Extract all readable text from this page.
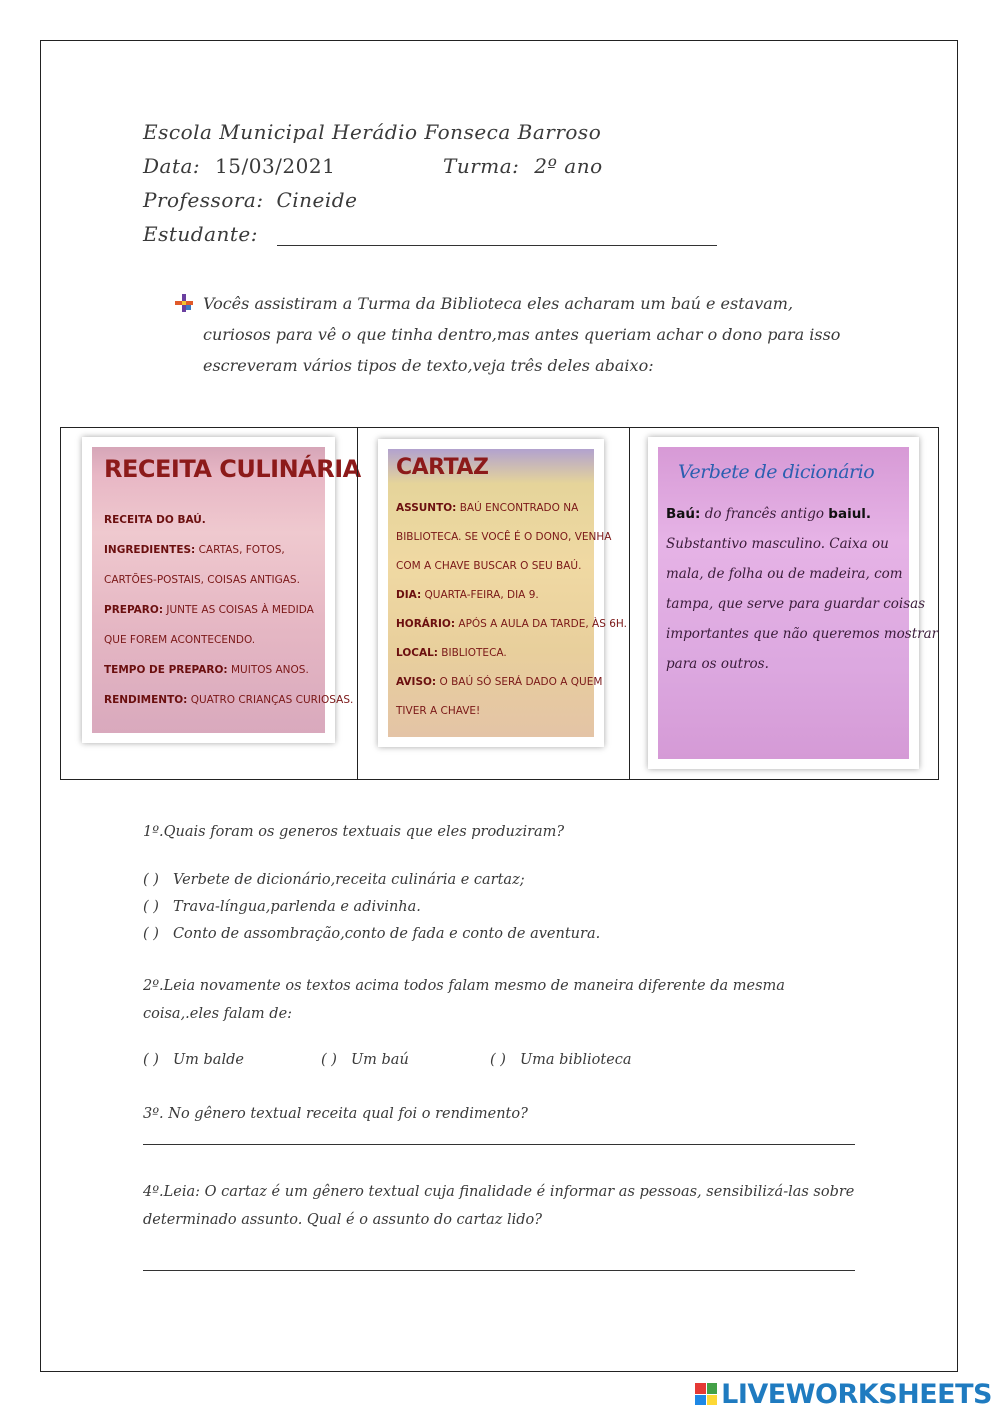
Escola Municipal Herádio Fonseca Barroso
Data: 15/03/2021	Turma: 2º ano
Professora: Cineide
Estudante:
Vocês assistiram a Turma da Biblioteca eles acharam um baú e estavam, curiosos para vê o que tinha dentro,mas antes queriam achar o dono para isso escreveram vários tipos de texto,veja três deles abaixo:
RECEITA CULINÁRIA
RECEITA DO BAÚ.
INGREDIENTES: CARTAS, FOTOS,
CARTÕES-POSTAIS, COISAS ANTIGAS.
PREPARO: JUNTE AS COISAS À MEDIDA
QUE FOREM ACONTECENDO.
TEMPO DE PREPARO: MUITOS ANOS.
RENDIMENTO: QUATRO CRIANÇAS CURIOSAS.
CARTAZ
ASSUNTO: BAÚ ENCONTRADO NA
BIBLIOTECA. SE VOCÊ É O DONO, VENHA
COM A CHAVE BUSCAR O SEU BAÚ.
DIA: QUARTA-FEIRA, DIA 9.
HORÁRIO: APÓS A AULA DA TARDE, ÀS 6H.
LOCAL: BIBLIOTECA.
AVISO: O BAÚ SÓ SERÁ DADO A QUEM
TIVER A CHAVE!
Verbete de dicionário
Baú: do francês antigo baiul.
Substantivo masculino. Caixa ou
mala, de folha ou de madeira, com
tampa, que serve para guardar coisas
importantes que não queremos mostrar
para os outros.
1º.Quais foram os generos textuais que eles produziram?
( ) Verbete de dicionário,receita culinária e cartaz;
( ) Trava-língua,parlenda e adivinha.
( ) Conto de assombração,conto de fada e conto de aventura.
2º.Leia novamente os textos acima todos falam mesmo de maneira diferente da mesma coisa,.eles falam de:
( ) Um balde	( ) Um baú	( ) Uma biblioteca
3º. No gênero textual receita qual foi o rendimento?
4º.Leia: O cartaz é um gênero textual cuja finalidade é informar as pessoas, sensibilizá-las sobre determinado assunto. Qual é o assunto do cartaz lido?
LIVEWORKSHEETS
